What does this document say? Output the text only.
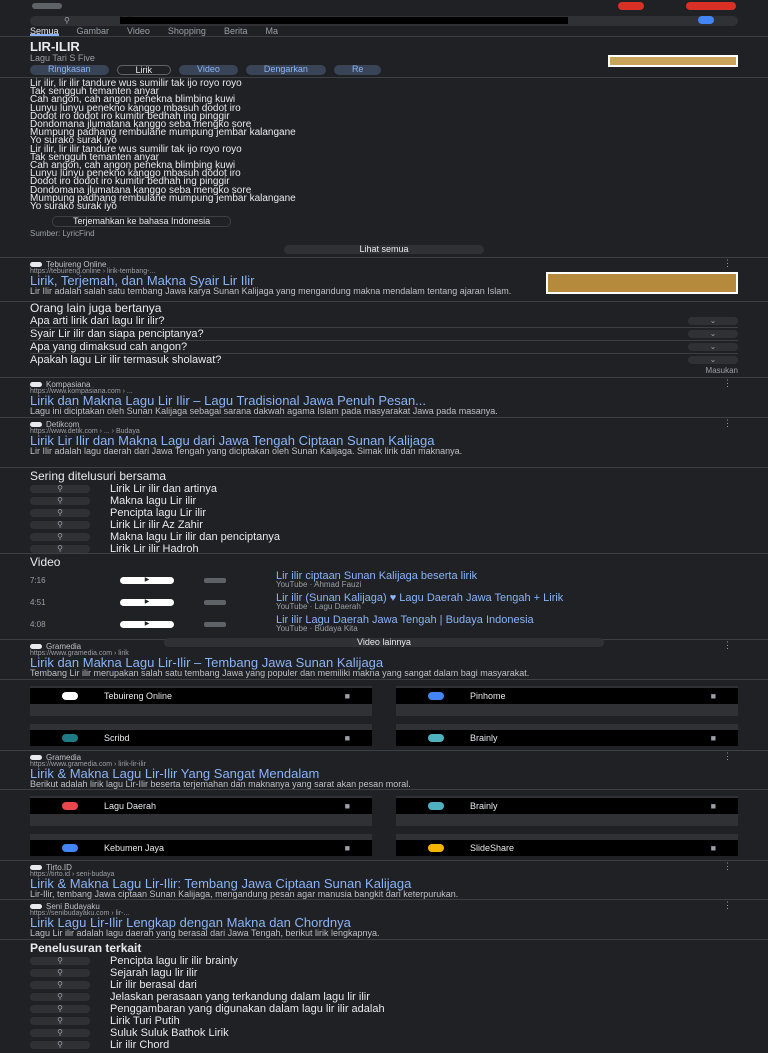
⚲	lir ilir
Semua Gambar Video Shopping Berita Ma
LIR-ILIR
Lagu Tari S Five
Ringkasan	Lirik	Video	Dengarkan	Re

Lir ilir, lir ilir tandure wus sumilir tak ijo royo royo

Tak sengguh temanten anyar

Cah angon, cah angon penekna blimbing kuwi

Lunyu lunyu penekno kanggo mbasuh dodot iro

Dodot iro dodot iro kumitir bedhah ing pinggir

Dondomana jlumatana kanggo seba mengko sore

Mumpung padhang rembulane mumpung jembar kalangane

Yo surako surak iyo

Lir ilir, lir ilir tandure wus sumilir tak ijo royo royo

Tak sengguh temanten anyar

Cah angon, cah angon penekna blimbing kuwi

Lunyu lunyu penekno kanggo mbasuh dodot iro

Dodot iro dodot iro kumitir bedhah ing pinggir

Dondomana jlumatana kanggo seba mengko sore

Mumpung padhang rembulane mumpung jembar kalangane

Yo surako surak iyo

Terjemahkan ke bahasa Indonesia
Sumber: LyricFind
Lihat semua
Tebuireng Online
https://tebuireng.online › lirik-tembang-...
Lirik, Terjemah, dan Makna Syair Lir Ilir
Lir Ilir adalah salah satu tembang Jawa karya Sunan Kalijaga yang mengandung makna mendalam tentang ajaran Islam.
⋮
Orang lain juga bertanya
Apa arti lirik dari lagu lir ilir?	⌄
Syair Lir ilir dan siapa penciptanya?	⌄
Apa yang dimaksud cah angon?	⌄
Apakah lagu Lir ilir termasuk sholawat?	⌄
Masukan
Kompasiana
https://www.kompasiana.com › ...
Lirik dan Makna Lagu Lir Ilir – Lagu Tradisional Jawa Penuh Pesan...
Lagu ini diciptakan oleh Sunan Kalijaga sebagai sarana dakwah agama Islam pada masyarakat Jawa pada masanya.
⋮
Detikcom
https://www.detik.com › ... › Budaya
Lirik Lir Ilir dan Makna Lagu dari Jawa Tengah Ciptaan Sunan Kalijaga
Lir Ilir adalah lagu daerah dari Jawa Tengah yang diciptakan oleh Sunan Kalijaga. Simak lirik dan maknanya.
⋮
Sering ditelusuri bersama
⚲	Lirik Lir ilir dan artinya
⚲	Makna lagu Lir ilir
⚲	Pencipta lagu Lir ilir
⚲	Lirik Lir ilir Az Zahir
⚲	Makna lagu Lir ilir dan penciptanya
⚲	Lirik Lir ilir Hadroh
Video
7:16	▶	Lir ilir ciptaan Sunan Kalijaga beserta lirik
YouTube · Ahmad Fauzi
4:51	▶	Lir ilir (Sunan Kalijaga) ♥ Lagu Daerah Jawa Tengah + Lirik
YouTube · Lagu Daerah
4:08	▶	Lir ilir Lagu Daerah Jawa Tengah | Budaya Indonesia
YouTube · Budaya Kita
Video lainnya
Gramedia
https://www.gramedia.com › lirik
Lirik dan Makna Lagu Lir-Ilir – Tembang Jawa Sunan Kalijaga
Tembang Lir ilir merupakan salah satu tembang Jawa yang populer dan memiliki makna yang sangat dalam bagi masyarakat.
⋮
Tebuireng Online	■	Pinhome	■
Scribd	■	Brainly	■
Gramedia
https://www.gramedia.com › lirik-lir-ilir
Lirik & Makna Lagu Lir-Ilir Yang Sangat Mendalam
Berikut adalah lirik lagu Lir-Ilir beserta terjemahan dan maknanya yang sarat akan pesan moral.
⋮
Lagu Daerah	■	Brainly	■
Kebumen Jaya	■	SlideShare	■
Tirto.ID
https://tirto.id › seni-budaya
Lirik & Makna Lagu Lir-Ilir: Tembang Jawa Ciptaan Sunan Kalijaga
Lir-Ilir, tembang Jawa ciptaan Sunan Kalijaga, mengandung pesan agar manusia bangkit dari keterpurukan.
⋮
Seni Budayaku
https://senibudayaku.com › lir-...
Lirik Lagu Lir-Ilir Lengkap dengan Makna dan Chordnya
Lagu Lir ilir adalah lagu daerah yang berasal dari Jawa Tengah, berikut lirik lengkapnya.
⋮
Penelusuran terkait
⚲	Pencipta lagu lir ilir brainly
⚲	Sejarah lagu lir ilir
⚲	Lir ilir berasal dari
⚲	Jelaskan perasaan yang terkandung dalam lagu lir ilir
⚲	Penggambaran yang digunakan dalam lagu lir ilir adalah
⚲	Lirik Turi Putih
⚲	Suluk Suluk Bathok Lirik
⚲	Lir ilir Chord
